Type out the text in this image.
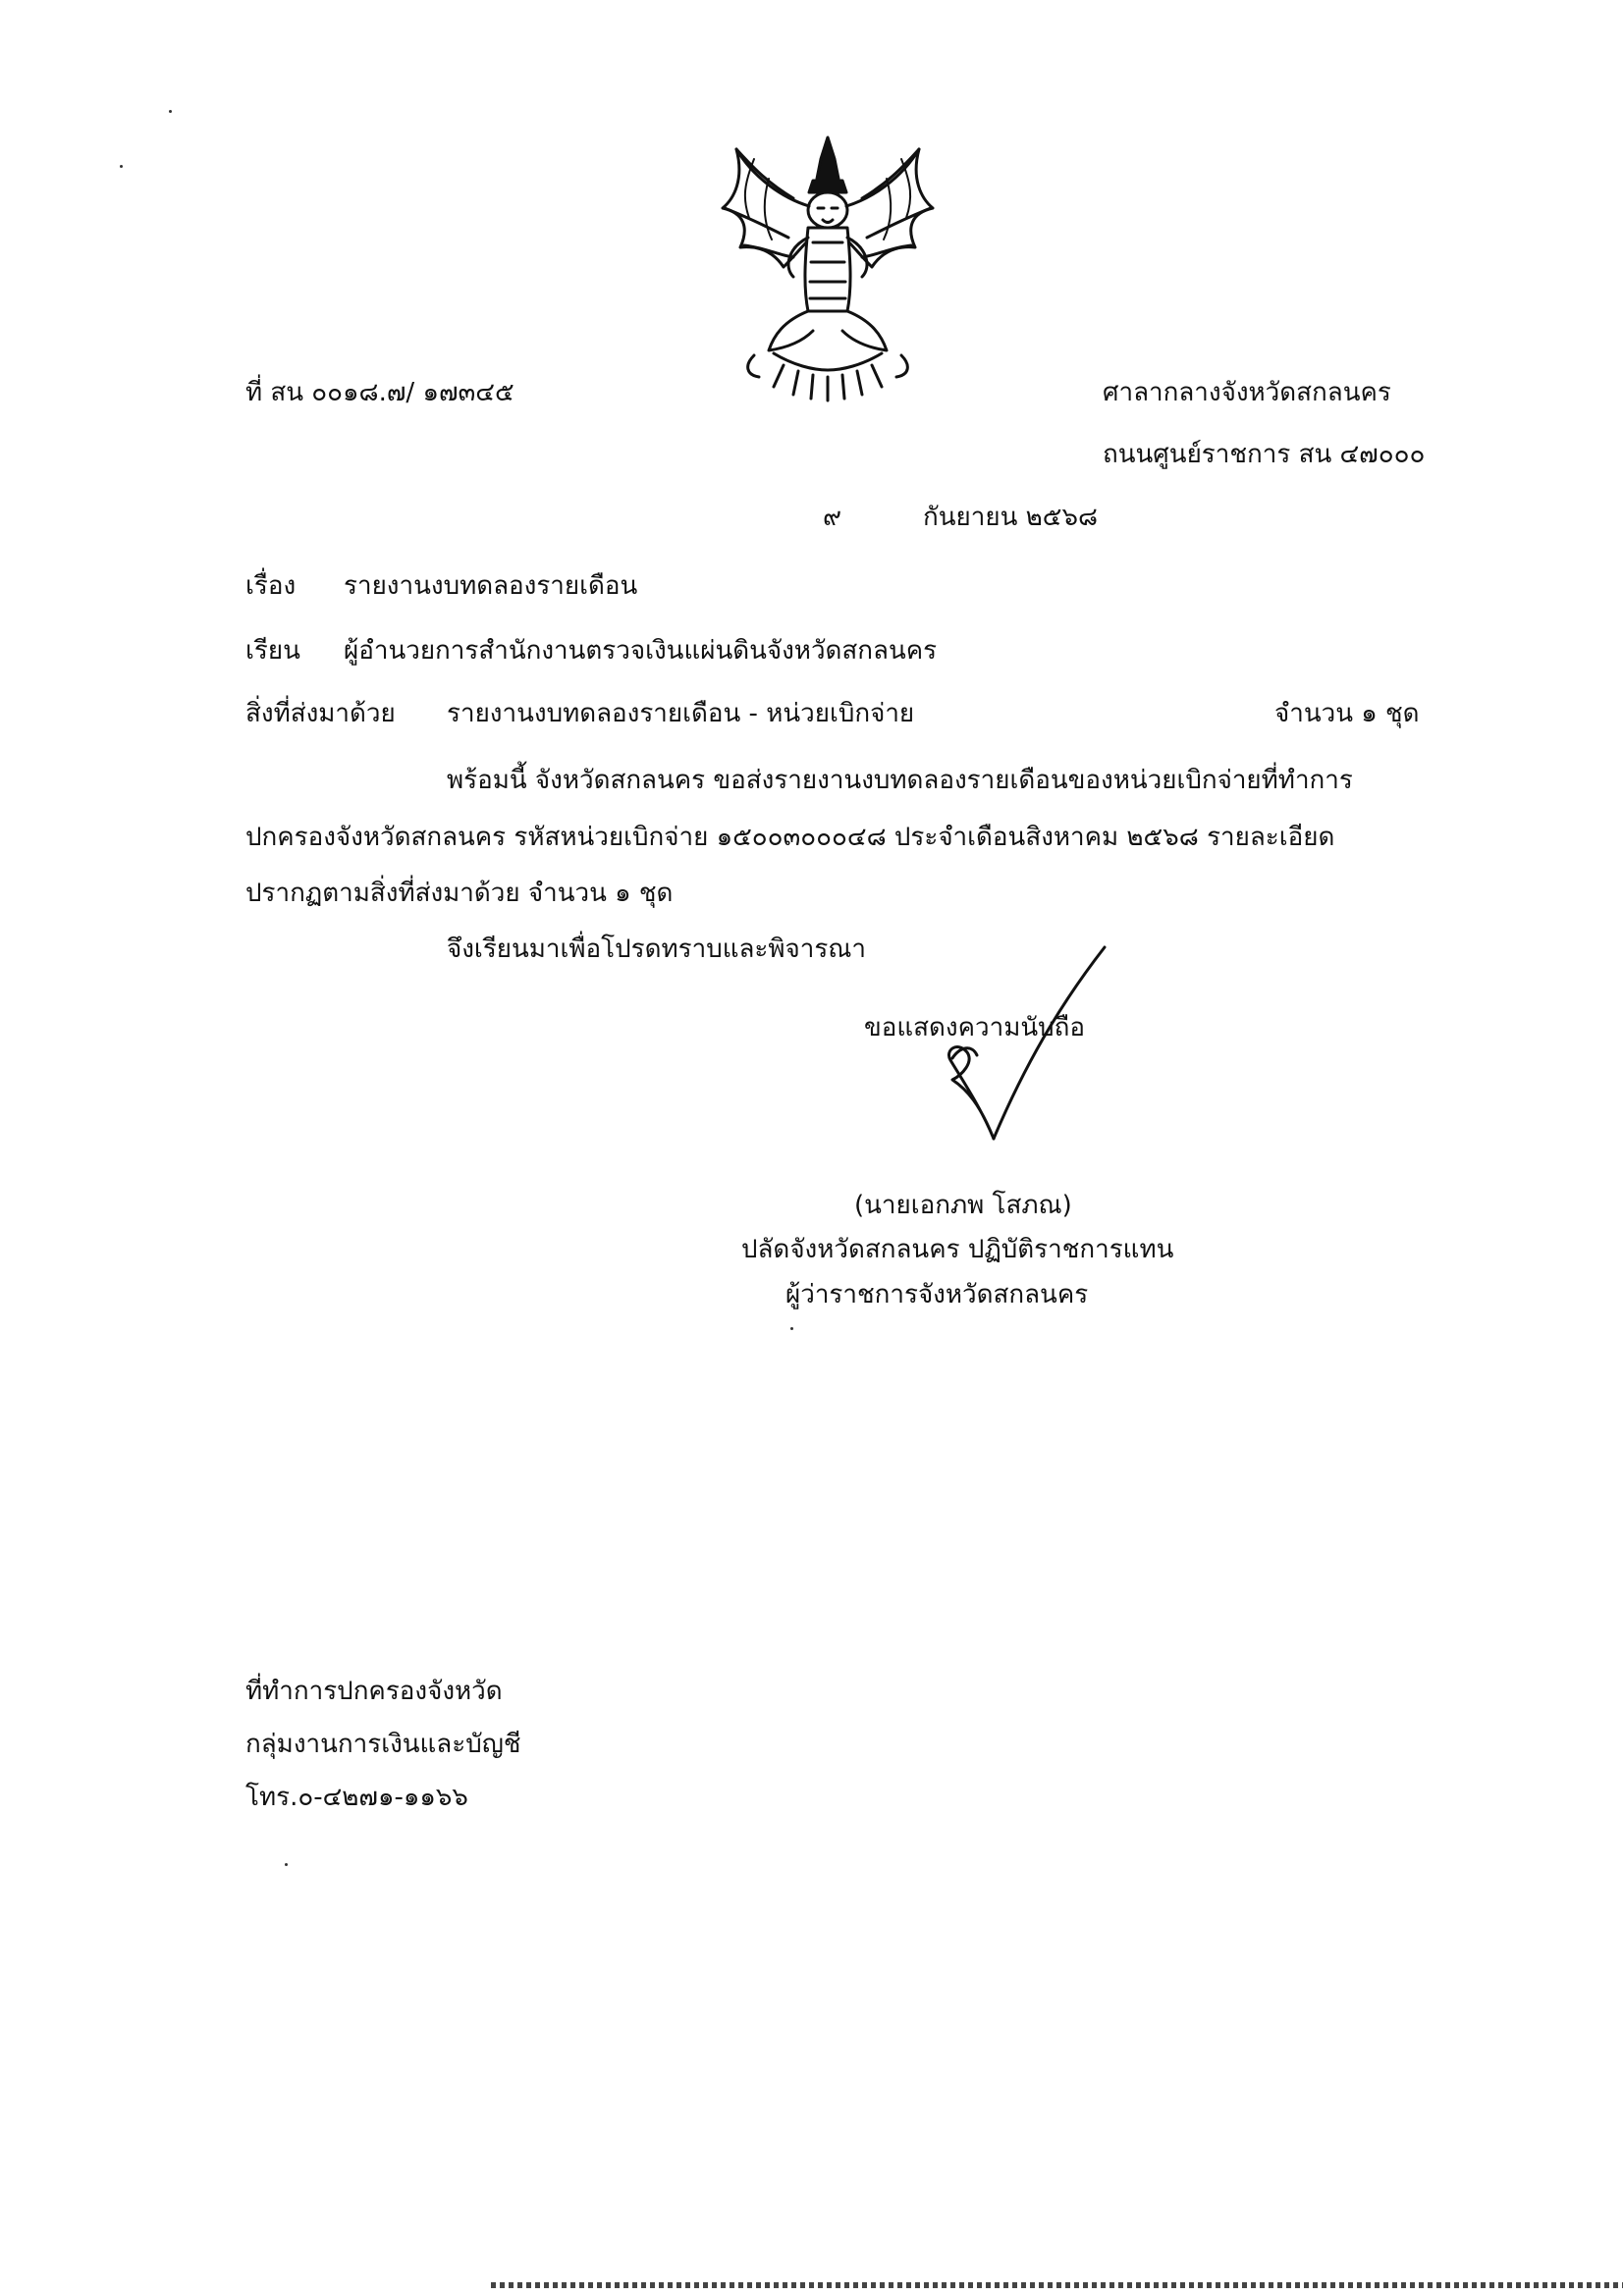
ที่ สน ๐๐๑๘.๗/ ๑๗๓๔๕	ศาลากลางจังหวัดสกลนคร
ถนนศูนย์ราชการ สน ๔๗๐๐๐
๙	กันยายน ๒๕๖๘
เรื่อง รายงานงบทดลองรายเดือน
เรียน ผู้อำนวยการสำนักงานตรวจเงินแผ่นดินจังหวัดสกลนคร
สิ่งที่ส่งมาด้วย รายงานงบทดลองรายเดือน - หน่วยเบิกจ่าย	จำนวน ๑ ชุด
พร้อมนี้ จังหวัดสกลนคร ขอส่งรายงานงบทดลองรายเดือนของหน่วยเบิกจ่ายที่ทำการ
ปกครองจังหวัดสกลนคร รหัสหน่วยเบิกจ่าย ๑๕๐๐๓๐๐๐๔๘ ประจำเดือนสิงหาคม ๒๕๖๘ รายละเอียด
ปรากฏตามสิ่งที่ส่งมาด้วย จำนวน ๑ ชุด
จึงเรียนมาเพื่อโปรดทราบและพิจารณา
ขอแสดงความนับถือ
(นายเอกภพ โสภณ)
ปลัดจังหวัดสกลนคร ปฏิบัติราชการแทน
ผู้ว่าราชการจังหวัดสกลนคร
ที่ทำการปกครองจังหวัด
กลุ่มงานการเงินและบัญชี
โทร.๐-๔๒๗๑-๑๑๖๖
